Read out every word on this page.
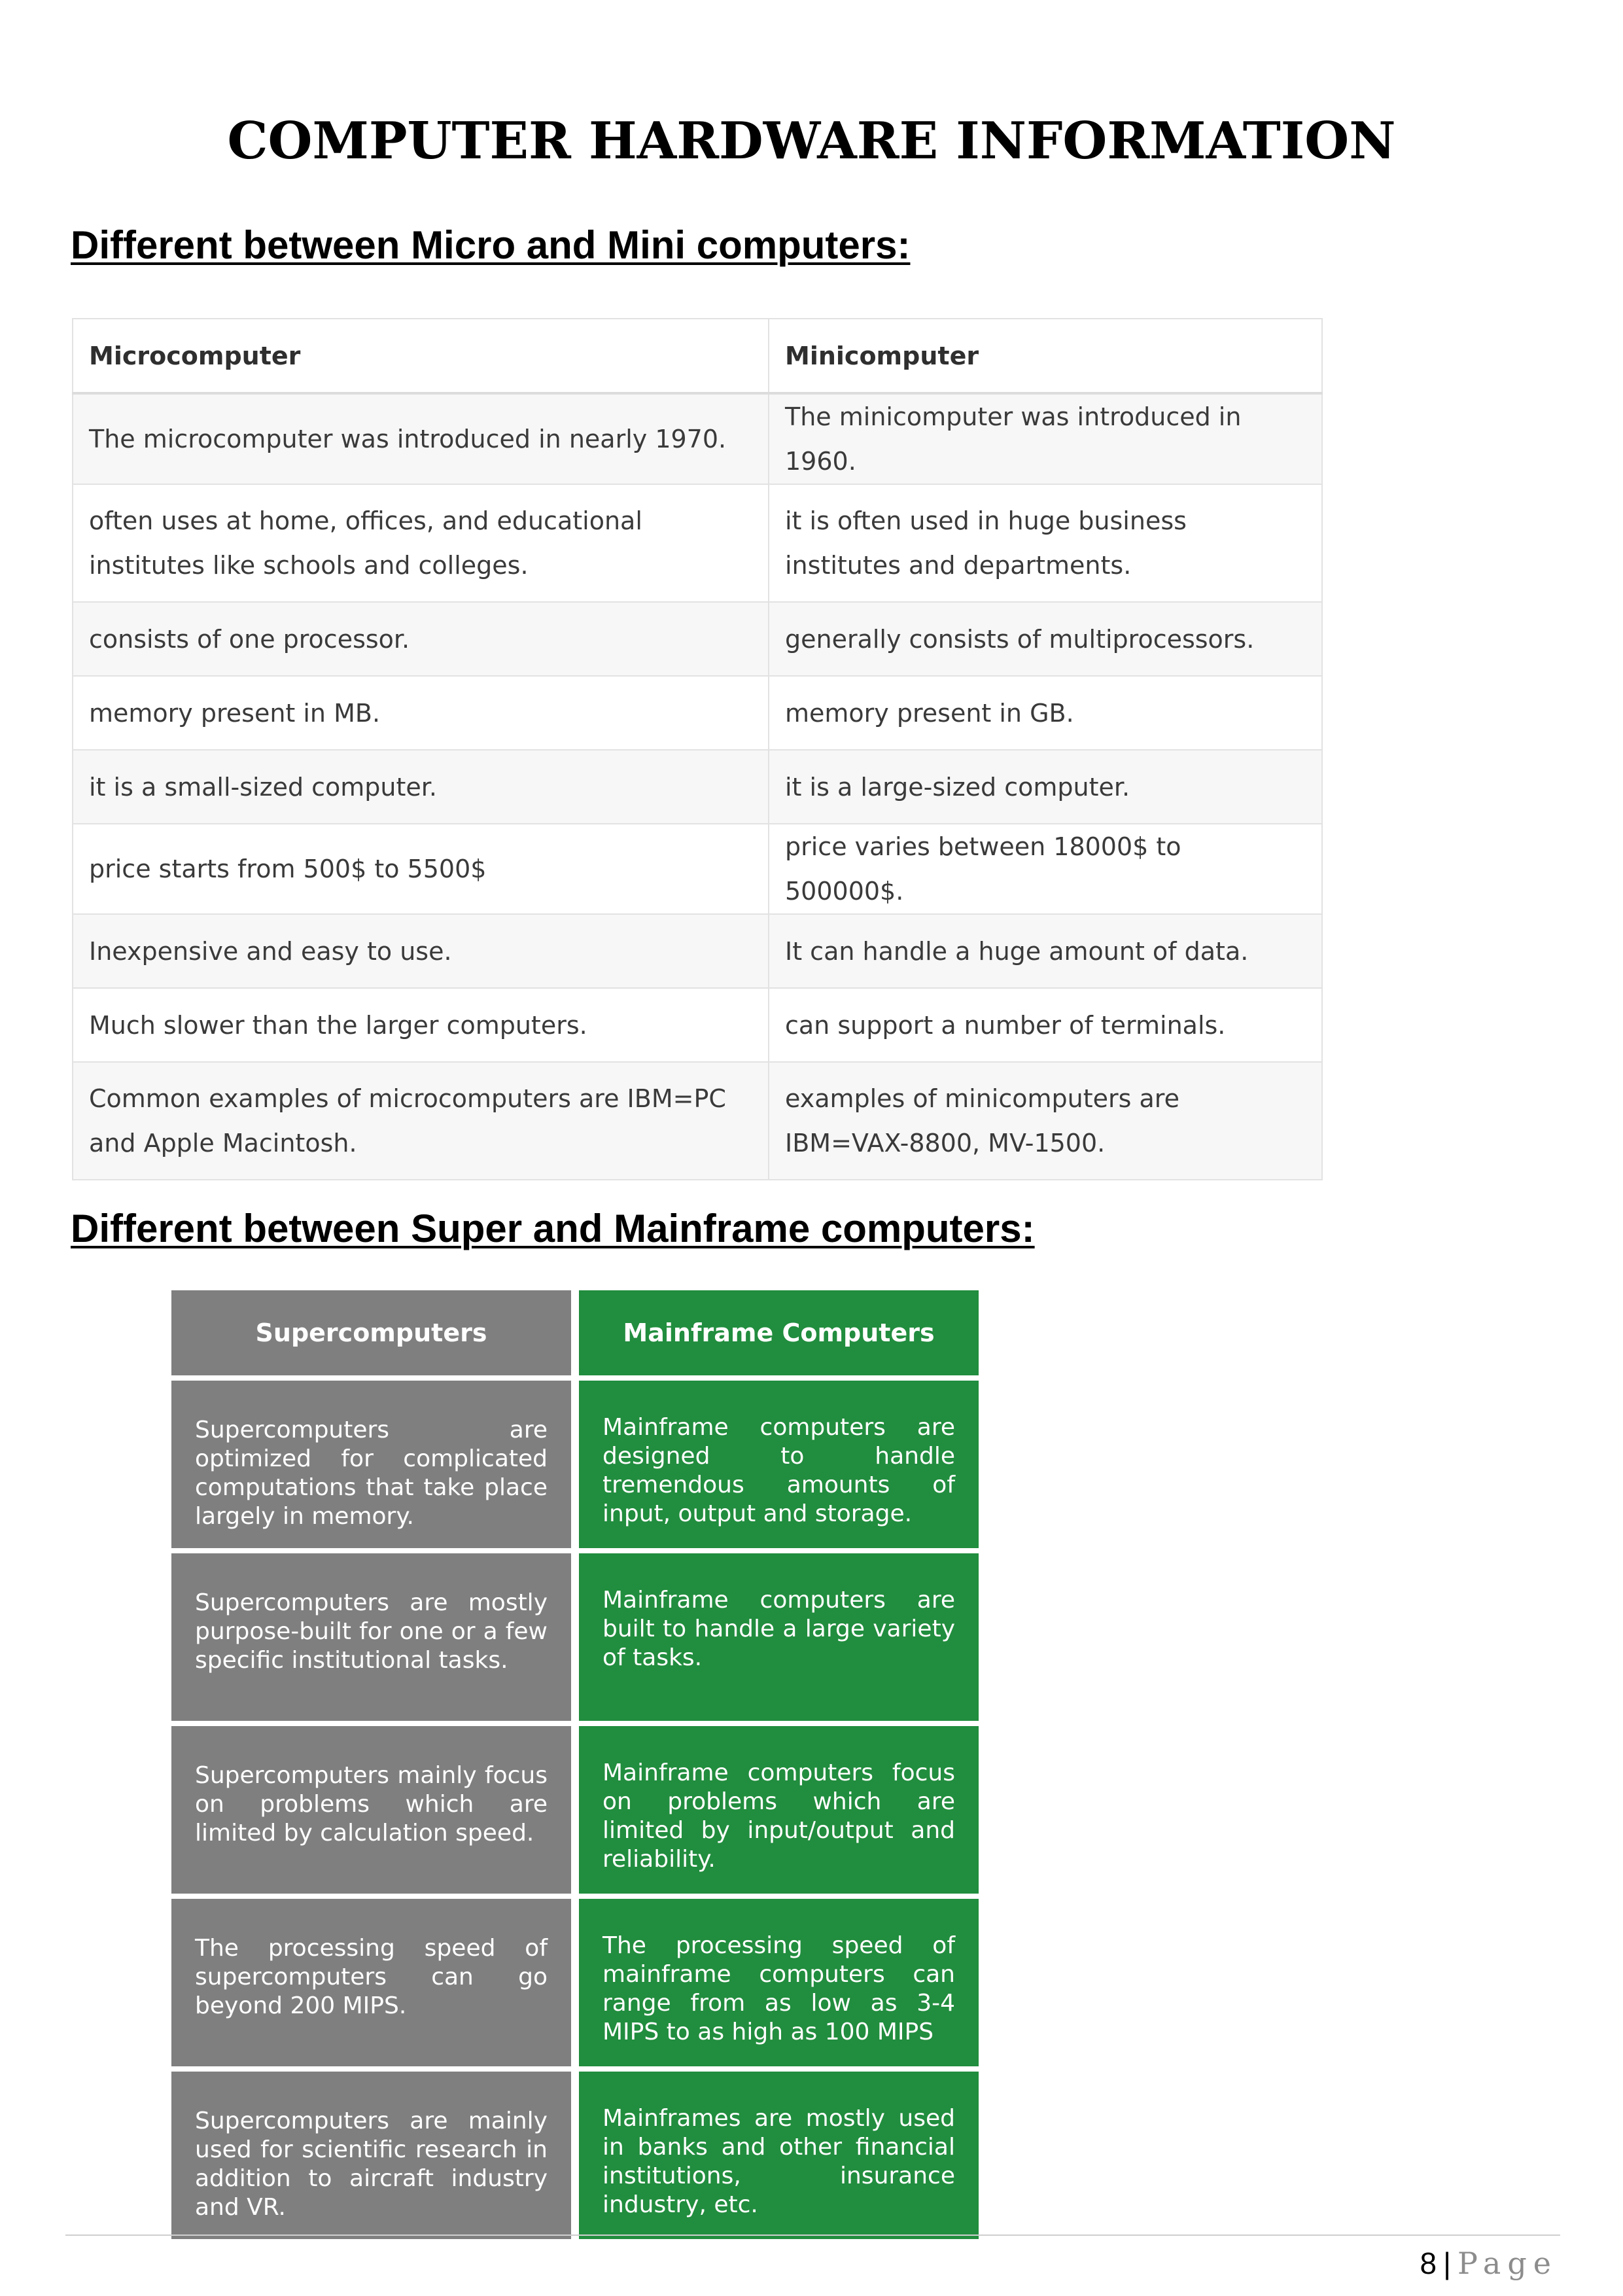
COMPUTER HARDWARE INFORMATION
Different between Micro and Mini computers:
Microcomputer	Minicomputer
The microcomputer was introduced in nearly 1970.	The minicomputer was introduced in 1960.
often uses at home, offices, and educational institutes like schools and colleges.	it is often used in huge business institutes and departments.
consists of one processor.	generally consists of multiprocessors.
memory present in MB.	memory present in GB.
it is a small-sized computer.	it is a large-sized computer.
price starts from 500$ to 5500$	price varies between 18000$ to 500000$.
Inexpensive and easy to use.	It can handle a huge amount of data.
Much slower than the larger computers.	can support a number of terminals.
Common examples of microcomputers are IBM=PC and Apple Macintosh.	examples of minicomputers are IBM=VAX-8800, MV-1500.
Different between Super and Mainframe computers:
Supercomputers	Mainframe Computers
Supercomputers are optimized for complicated computations that take place largely in memory.	Mainframe computers are designed to handle tremendous amounts of input, output and storage.
Supercomputers are mostly purpose-built for one or a few specific institutional tasks.	Mainframe computers are built to handle a large variety of tasks.
Supercomputers mainly focus on problems which are limited by calculation speed.	Mainframe computers focus on problems which are limited by input/output and reliability.
The processing speed of supercomputers can go beyond 200 MIPS.	The processing speed of mainframe computers can range from as low as 3-4 MIPS to as high as 100 MIPS
Supercomputers are mainly used for scientific research in addition to aircraft industry and VR.	Mainframes are mostly used in banks and other financial institutions, insurance industry, etc.
8 | Page
